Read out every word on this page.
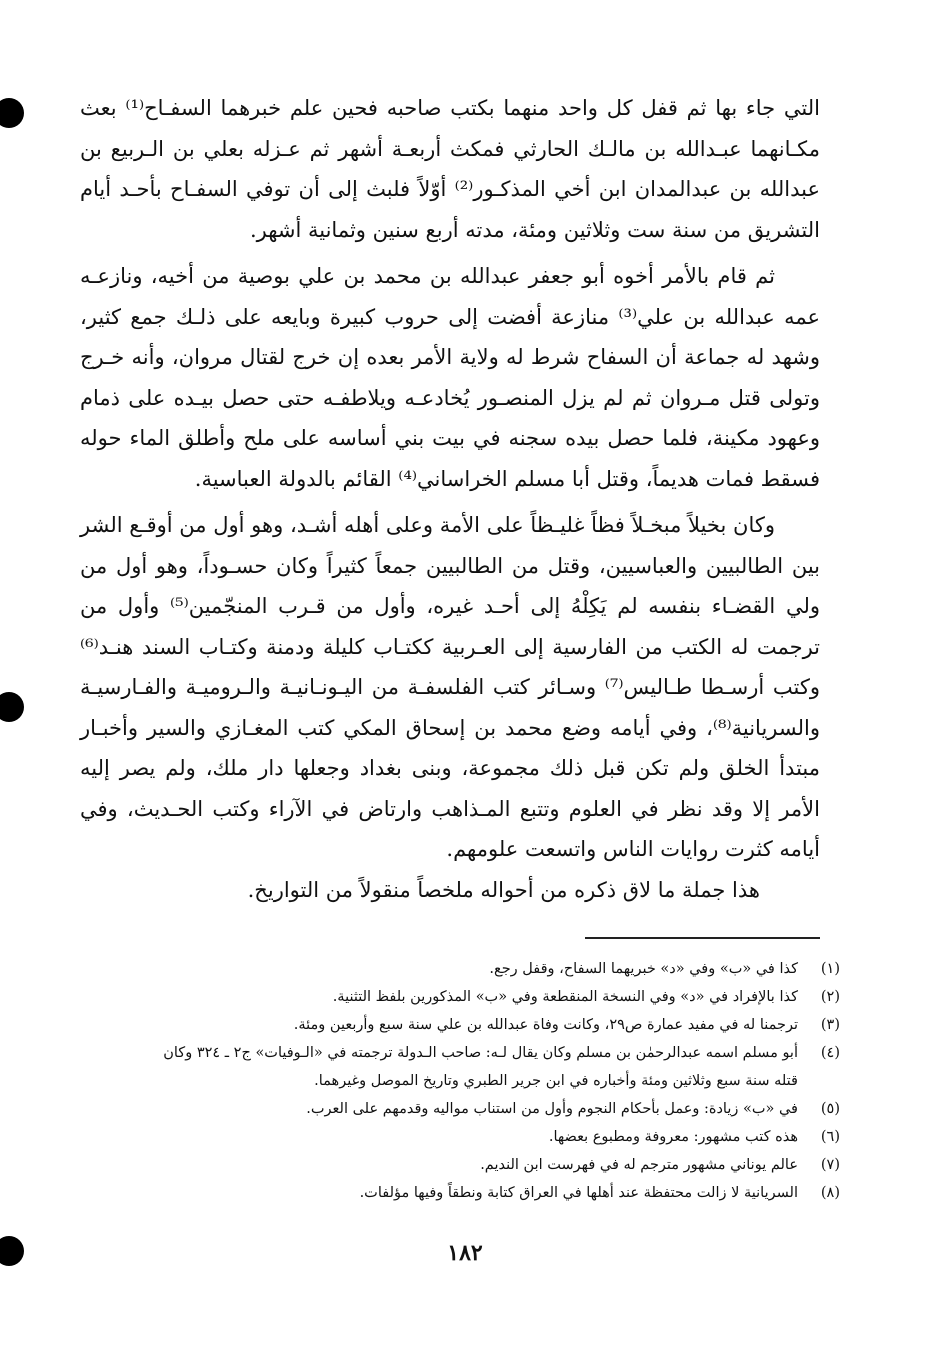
التي جاء بها ثم قفل كل واحد منهما بكتب صاحبه فحين علم خبرهما السفـاح⁽¹⁾ بعث مكـانهما عبـدالله بن مالـك الحارثي فمكث أربعـة أشهر ثم عـزله بعلي بن الـربيع بن عبدالله بن عبدالمدان ابن أخي المذكـور⁽²⁾ أوّلاً فلبث إلى أن توفي السفـاح بأحـد أيام التشريق من سنة ست وثلاثين ومئة، مدته أربع سنين وثمانية أشهر.

ثم قام بالأمر أخوه أبو جعفر عبدالله بن محمد بن علي بوصية من أخيه، ونازعـه عمه عبدالله بن علي⁽³⁾ منازعة أفضت إلى حروب كبيرة وبايعه على ذلـك جمع كثير، وشهد له جماعة أن السفاح شرط له ولاية الأمر بعده إن خرج لقتال مروان، وأنه خـرج وتولى قتل مـروان ثم لم يزل المنصـور يُخادعـه ويلاطفـه حتى حصل بيـده على ذمام وعهود مكينة، فلما حصل بيده سجنه في بيت بني أساسه على ملح وأطلق الماء حوله فسقط فمات هديماً، وقتل أبا مسلم الخراساني⁽⁴⁾ القائم بالدولة العباسية.

وكان بخيلاً مبخـلاً فظاً غليـظاً على الأمة وعلى أهله أشـد، وهو أول من أوقـع الشر بين الطالبيين والعباسيين، وقتل من الطالبيين جمعاً كثيراً وكان حسـوداً، وهو أول من ولي القضـاء بنفسه لم يَكِلْهُ إلى أحـد غيره، وأول من قـرب المنجّمين⁽⁵⁾ وأول من ترجمت له الكتب من الفارسية إلى العـربية ككتـاب كليلة ودمنة وكتـاب السند هنـد⁽⁶⁾ وكتب أرسـطا طـاليس⁽⁷⁾ وسـائر كتب الفلسفـة من اليـونـانيـة والـروميـة والفـارسيـة والسريانية⁽⁸⁾، وفي أيامه وضع محمد بن إسحاق المكي كتب المغـازي والسير وأخبـار مبتدأ الخلق ولم تكن قبل ذلك مجموعة، وبنى بغداد وجعلها دار ملك، ولم يصر إليه الأمر إلا وقد نظر في العلوم وتتبع المـذاهب وارتاض في الآراء وكتب الحـديث، وفي أيامه كثرت روايات الناس واتسعت علومهم.

هذا جملة ما لاق ذكره من أحواله ملخصاً منقولاً من التواريخ.

(١)
كذا في «ب» وفي «د» خبريهما السفاح، وقفل رجع.
(٢)
كذا بالإفراد في «د» وفي النسخة المنقطعة وفي «ب» المذكورين بلفظ التثنية.
(٣)
ترجمنا له في مفيد عمارة ص٢٩، وكانت وفاة عبدالله بن علي سنة سبع وأربعين ومئة.
(٤)
أبو مسلم اسمه عبدالرحمٰن بن مسلم وكان يقال لـه: صاحب الـدولة ترجمته في «الـوفيات» ج٢ ـ ٣٢٤ وكان قتله سنة سبع وثلاثين ومئة وأخباره في ابن جرير الطبري وتاريخ الموصل وغيرهما.
(٥)
في «ب» زيادة: وعمل بأحكام النجوم وأول من استناب مواليه وقدمهم على العرب.
(٦)
هذه كتب مشهور: معروفة ومطبوع بعضها.
(٧)
عالم يوناني مشهور مترجم له في فهرست ابن النديم.
(٨)
السريانية لا زالت محتفظة عند أهلها في العراق كتابة ونطقاً وفيها مؤلفات.
١٨٢
